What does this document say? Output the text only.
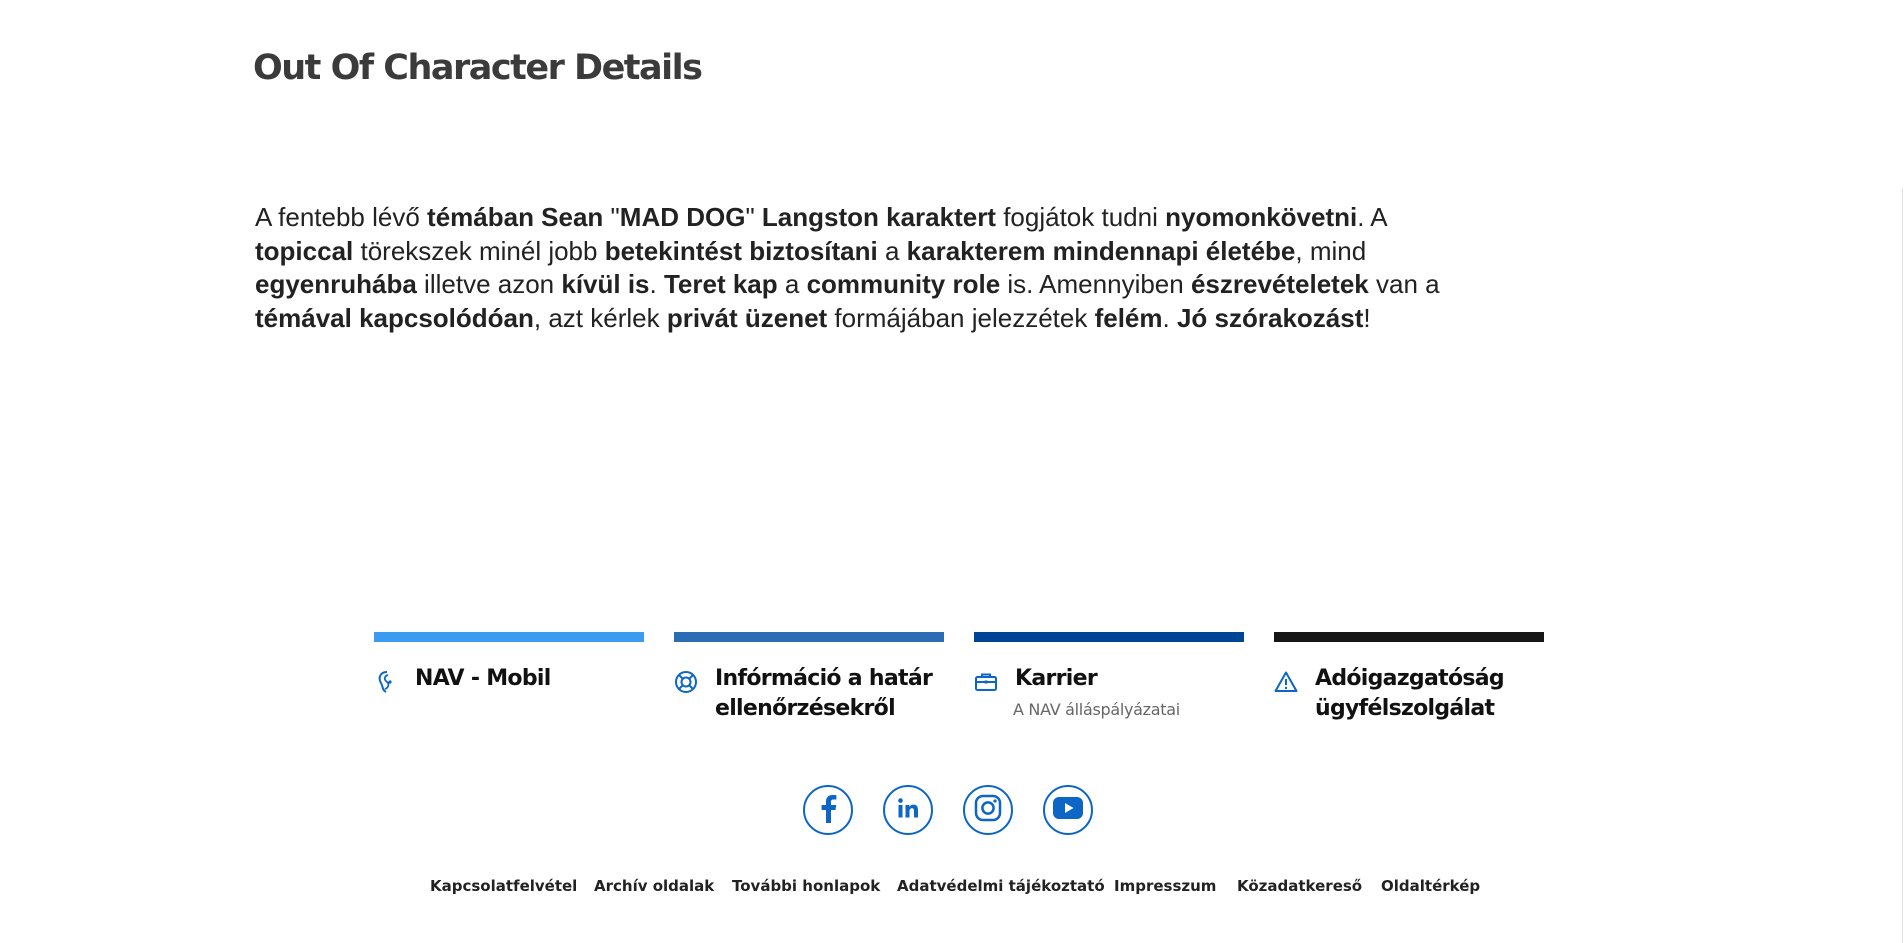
Out Of Character Details

A fentebb lévő témában Sean "MAD DOG" Langston karaktert fogjátok tudni nyomonkövetni. A topiccal törekszek minél jobb betekintést biztosítani a karakterem mindennapi életébe, mind egyenruhába illetve azon kívül is. Teret kap a community role is. Amennyiben észrevételetek van a témával kapcsolódóan, azt kérlek privát üzenet formájában jelezzétek felém. Jó szórakozást!

NAV - Mobil	Infórmáció a határ ellenőrzésekről
Karrier
A NAV álláspályázatai
Adóigazgatóság ügyfélszolgálat
Kapcsolatfelvétel Archív oldalak További honlapok Adatvédelmi tájékoztató Impresszum Közadatkereső Oldaltérkép
